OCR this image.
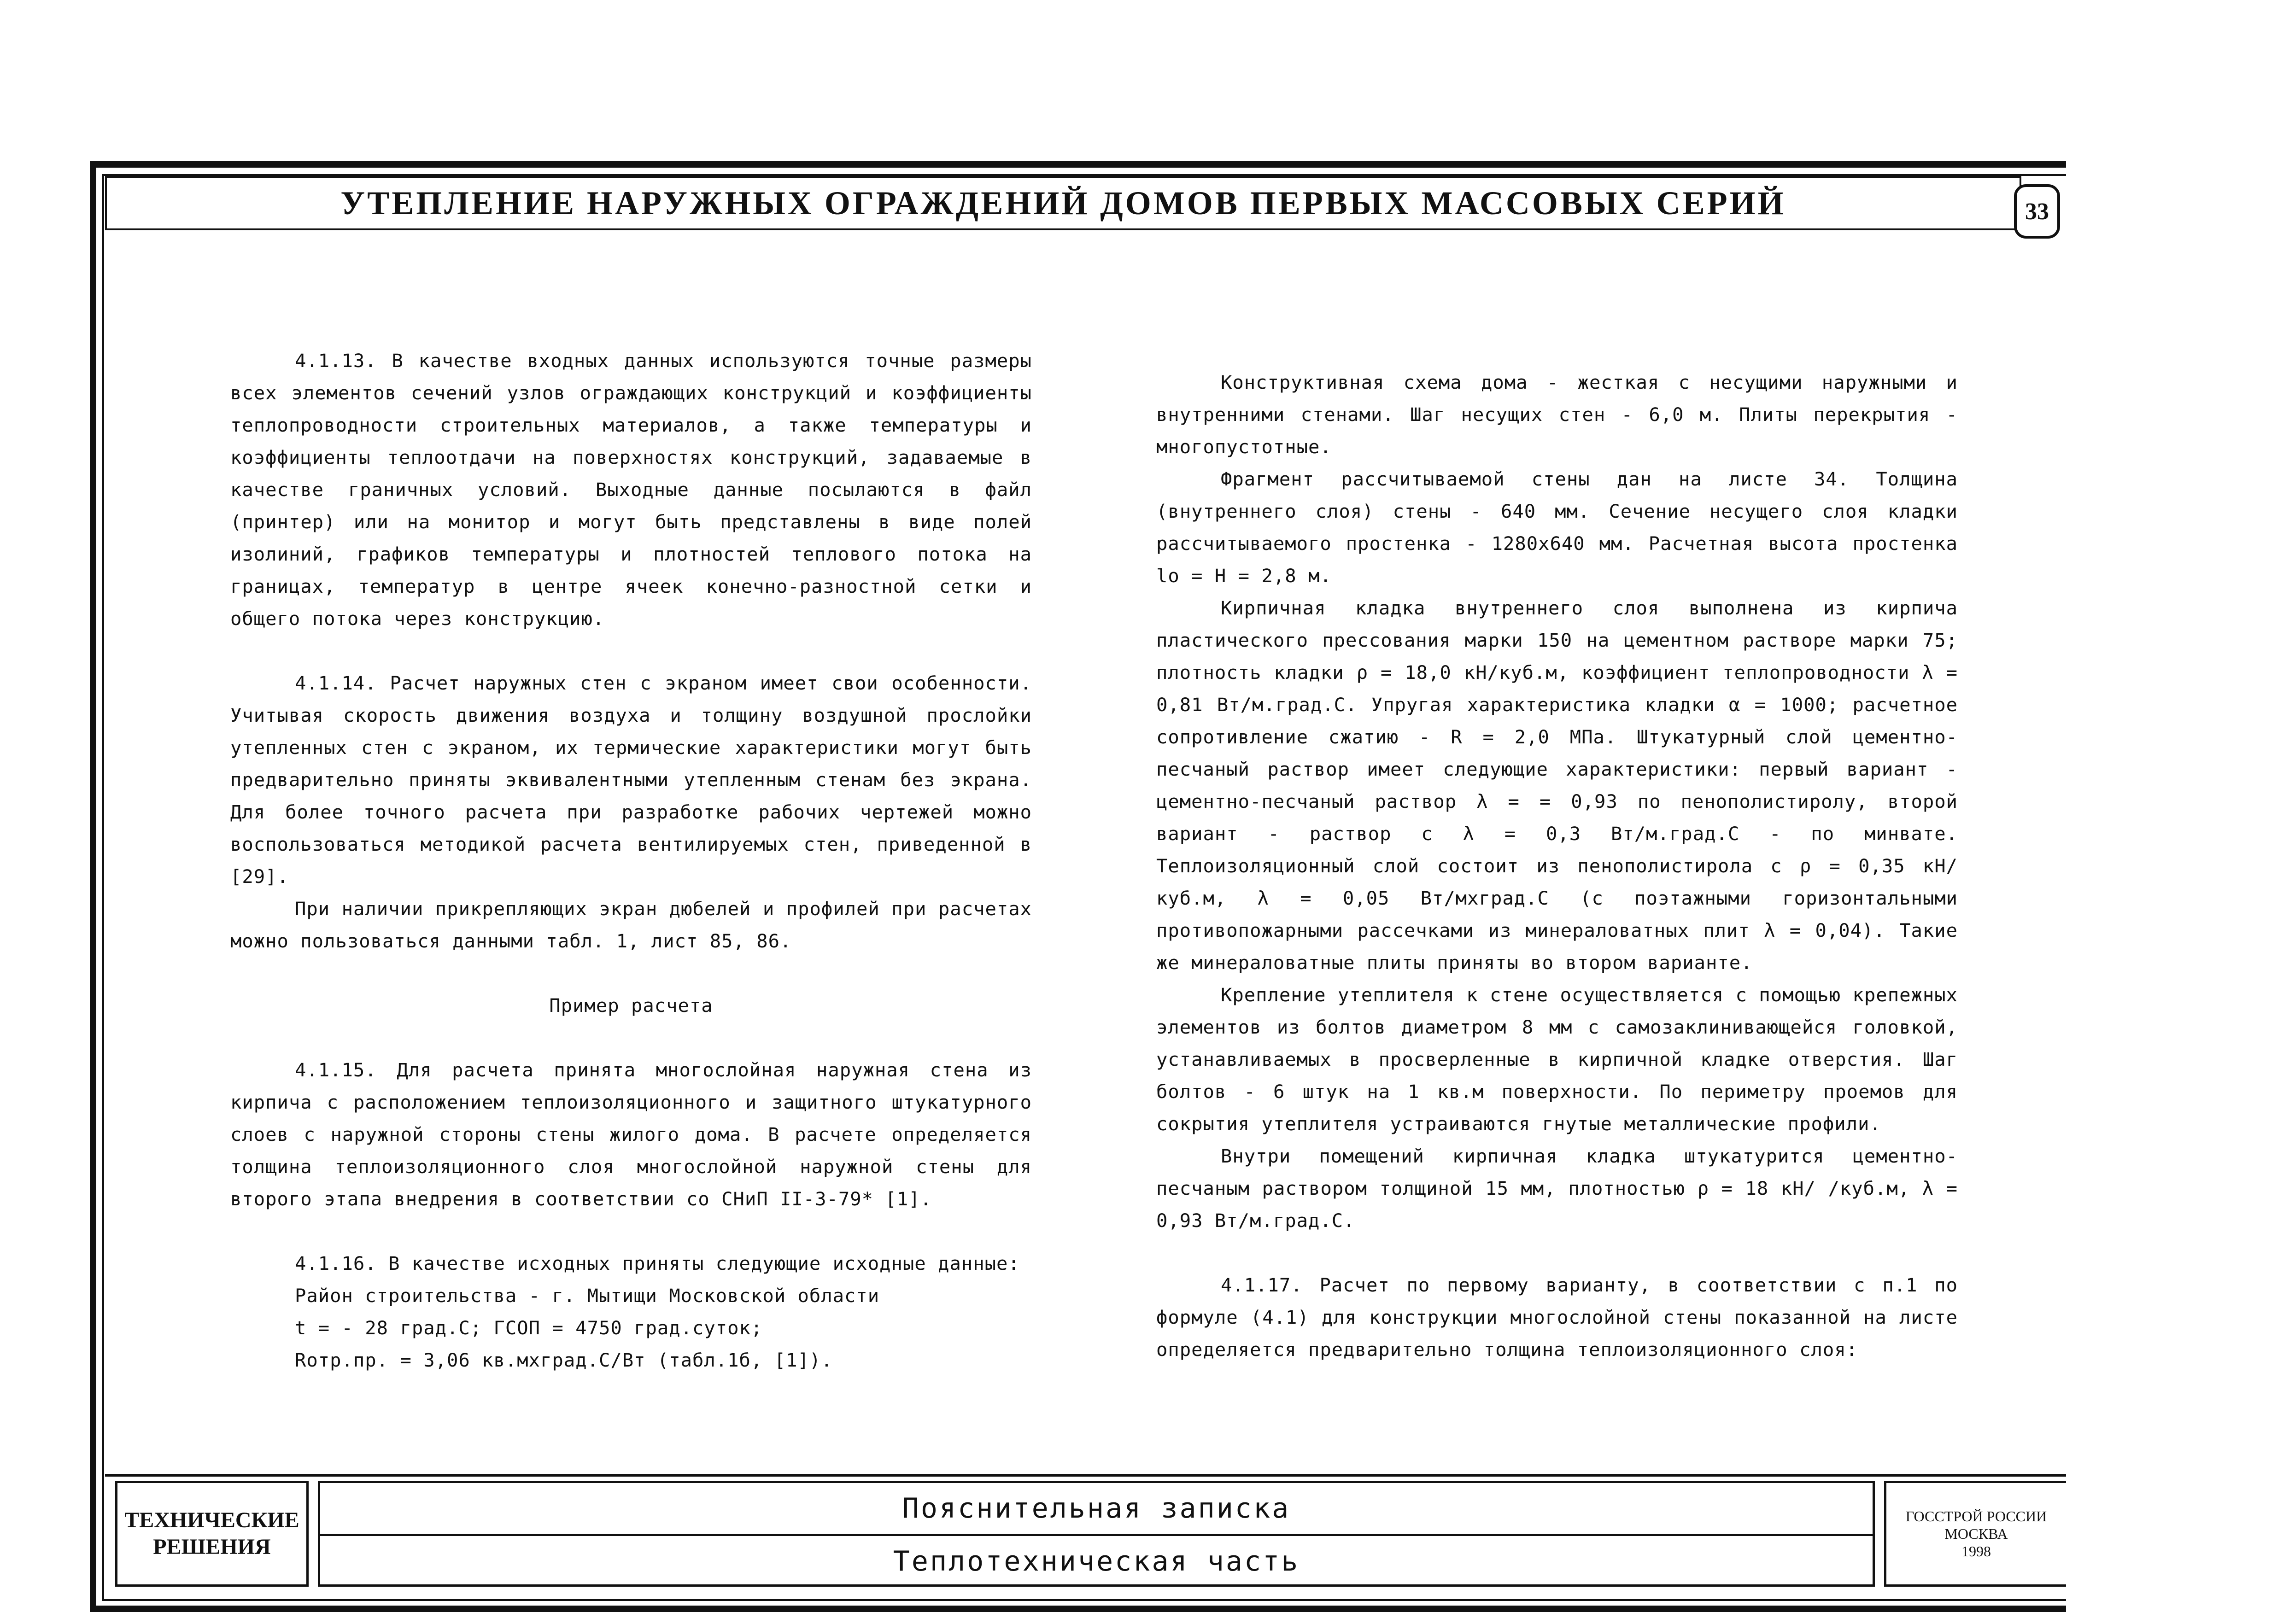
УТЕПЛЕНИЕ НАРУЖНЫХ ОГРАЖДЕНИЙ ДОМОВ ПЕРВЫХ МАССОВЫХ СЕРИЙ	33

4.1.13. В качестве входных данных используются точные размеры всех элементов сечений узлов ограждающих конструкций и коэффициенты теплопроводности строительных материалов, а также температуры и коэффициенты теплоотдачи на поверхностях конструкций, задаваемые в качестве граничных условий. Выходные данные посылаются в файл (принтер) или на монитор и могут быть представлены в виде полей изолиний, графиков температуры и плотностей теплового потока на границах, температур в центре ячеек конечно-разностной сетки и общего потока через конструкцию.

4.1.14. Расчет наружных стен с экраном имеет свои особенности. Учитывая скорость движения воздуха и толщину воздушной прослойки утепленных стен с экраном, их термические характеристики могут быть предварительно приняты эквивалентными утепленным стенам без экрана. Для более точного расчета при разработке рабочих чертежей можно воспользоваться методикой расчета вентилируемых стен, приведенной в [29].

При наличии прикрепляющих экран дюбелей и профилей при расчетах можно пользоваться данными табл. 1, лист 85, 86.

Пример расчета

4.1.15. Для расчета принята многослойная наружная стена из кирпича с расположением теплоизоляционного и защитного штукатурного слоев с наружной стороны стены жилого дома. В расчете определяется толщина теплоизоляционного слоя многослойной наружной стены для второго этапа внедрения в соответствии со СНиП II-3-79* [1].

4.1.16. В качестве исходных приняты следующие исходные данные:

Район строительства - г. Мытищи Московской области

t = - 28 град.С; ГСОП = 4750 град.суток;

Rотр.пр. = 3,06 кв.мхград.С/Вт (табл.1б, [1]).

Конструктивная схема дома - жесткая с несущими наружными и внутренними стенами. Шаг несущих стен - 6,0 м. Плиты перекрытия - многопустотные.

Фрагмент рассчитываемой стены дан на листе 34. Толщина (внутреннего слоя) стены - 640 мм. Сечение несущего слоя кладки рассчитываемого простенка - 1280х640 мм. Расчетная высота простенка lo = H = 2,8 м.

Кирпичная кладка внутреннего слоя выполнена из кирпича пластического прессования марки 150 на цементном растворе марки 75; плотность кладки ρ = 18,0 кН/куб.м, коэффициент теплопроводности λ = 0,81 Вт/м.град.С. Упругая характеристика кладки α = 1000; расчетное сопротивление сжатию - R = 2,0 МПа. Штукатурный слой цементно-песчаный раствор имеет следующие характеристики: первый вариант - цементно-песчаный раствор λ = = 0,93 по пенополистиролу, второй вариант - раствор с λ = 0,3 Вт/м.град.С - по минвате. Теплоизоляционный слой состоит из пенополистирола с ρ = 0,35 кН/куб.м, λ = 0,05 Вт/мхград.С (с поэтажными горизонтальными противопожарными рассечками из минераловатных плит λ = 0,04). Такие же минераловатные плиты приняты во втором варианте.

Крепление утеплителя к стене осуществляется с помощью крепежных элементов из болтов диаметром 8 мм с самозаклинивающейся головкой, устанавливаемых в просверленные в кирпичной кладке отверстия. Шаг болтов - 6 штук на 1 кв.м поверхности. По периметру проемов для сокрытия утеплителя устраиваются гнутые металлические профили.

Внутри помещений кирпичная кладка штукатурится цементно-песчаным раствором толщиной 15 мм, плотностью ρ = 18 кН/ /куб.м, λ = 0,93 Вт/м.град.С.

4.1.17. Расчет по первому варианту, в соответствии с п.1 по формуле (4.1) для конструкции многослойной стены показанной на листе определяется предварительно толщина теплоизоляционного слоя:

ТЕХНИЧЕСКИЕ
РЕШЕНИЯ
Пояснительная записка
Теплотехническая часть
ГОССТРОЙ РОССИИ
МОСКВА
1998
